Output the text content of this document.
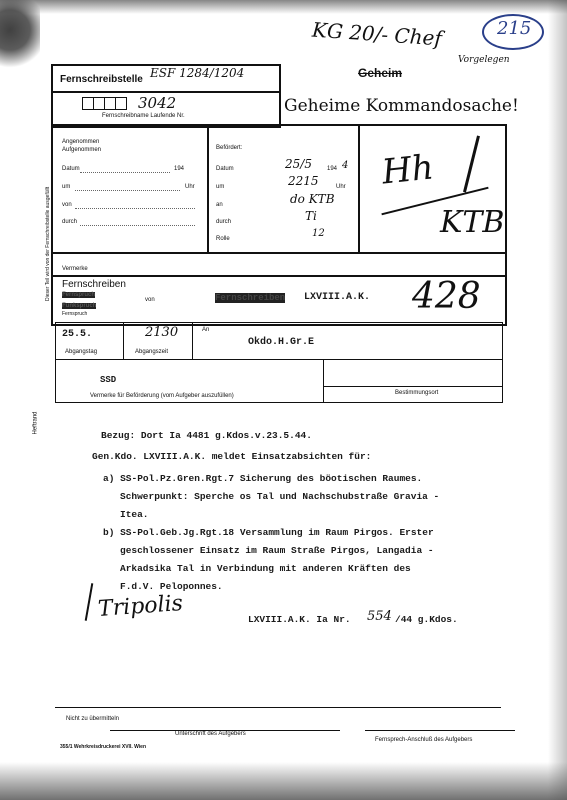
KG 20/- Chef
Vorgelegen
215
Fernschreibstelle ESF 1284/1204	Geheim
3042
Fernschreibname Laufende Nr.	Geheime Kommandosache!
Angenommen
Aufgenommen
Datum	194
um	Uhr
von
durch
Befördert:
Datum	25/5	194 4
um	2215	Uhr
an	do KTB
durch	Ti
Rolle	12
Hh
KTB
428
Vermerke
Fernschreiben
Fernspruch
Funkspruch
Fernspruch
von	Fernschreiben LXVIII.A.K.
25.5.
Abgangstag
2130
Abgangszeit
An
Okdo.H.Gr.E
SSD
Vermerke für Beförderung (vom Aufgeber auszufüllen)	Bestimmungsort
Dieser Teil wird von der Fernschreibstelle ausgefüllt
Heftrand
Bezug: Dort Ia 4481 g.Kdos.v.23.5.44.
Gen.Kdo. LXVIII.A.K. meldet Einsatzabsichten für:
a) SS-Pol.Pz.Gren.Rgt.7 Sicherung des böotischen Raumes.
Schwerpunkt: Sperche os Tal und Nachschubstraße Gravia -
Itea.
b) SS-Pol.Geb.Jg.Rgt.18 Versammlung im Raum Pirgos. Erster
geschlossener Einsatz im Raum Straße Pirgos, Langadia -
Arkadsika Tal in Verbindung mit anderen Kräften des
F.d.V. Peloponnes.
Tripolis	LXVIII.A.K. Ia Nr. 554 /44 g.Kdos.
Nicht zu übermitteln
Unterschrift des Aufgebers
Fernsprech-Anschluß des Aufgebers
355/1 Wehrkreisdruckerei XVII. Wien
